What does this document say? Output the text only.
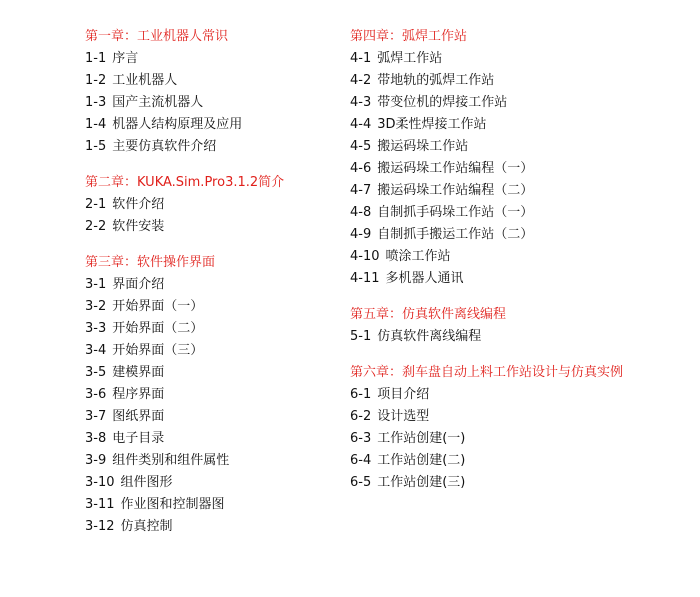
第一章：工业机器人常识
1-1 序言
1-2 工业机器人
1-3 国产主流机器人
1-4 机器人结构原理及应用
1-5 主要仿真软件介绍
第二章：KUKA.Sim.Pro3.1.2简介
2-1 软件介绍
2-2 软件安装
第三章：软件操作界面
3-1 界面介绍
3-2 开始界面（一）
3-3 开始界面（二）
3-4 开始界面（三）
3-5 建模界面
3-6 程序界面
3-7 图纸界面
3-8 电子目录
3-9 组件类别和组件属性
3-10 组件图形
3-11 作业图和控制器图
3-12 仿真控制
第四章：弧焊工作站
4-1 弧焊工作站
4-2 带地轨的弧焊工作站
4-3 带变位机的焊接工作站
4-4 3D柔性焊接工作站
4-5 搬运码垛工作站
4-6 搬运码垛工作站编程（一）
4-7 搬运码垛工作站编程（二）
4-8 自制抓手码垛工作站（一）
4-9 自制抓手搬运工作站（二）
4-10 喷涂工作站
4-11 多机器人通讯
第五章：仿真软件离线编程
5-1 仿真软件离线编程
第六章：刹车盘自动上料工作站设计与仿真实例
6-1 项目介绍
6-2 设计选型
6-3 工作站创建(一)
6-4 工作站创建(二)
6-5 工作站创建(三)
